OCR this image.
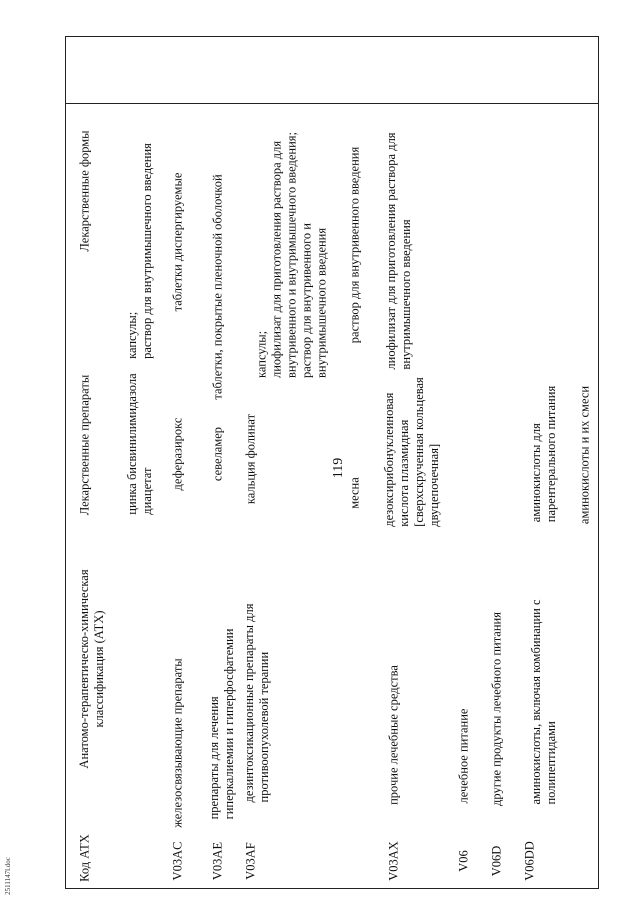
119
Код АТХ
Анатомо-терапевтическо-химическая классификация (АТХ)
Лекарственные препараты
Лекарственные формы
цинка бисвинилимидазола диацетат
капсулы; раствор для внутримышечного введения
V03AC
железосвязывающие препараты
деферазирокс
таблетки диспергируемые
V03AE
препараты для лечения гиперкалиемии и гиперфосфатемии
севеламер
таблетки, покрытые пленочной оболочкой
V03AF
дезинтоксикационные препараты для противоопухолевой терапии
кальция фолинат
капсулы; лиофилизат для приготовления раствора для внутривенного и внутримышечного введения; раствор для внутривенного и внутримышечного введения
месна
раствор для внутривенного введения
V03AX
прочие лечебные средства
дезоксирибонуклеиновая кислота плазмидная [сверхскрученная кольцевая двуцепочечная]
лиофилизат для приготовления раствора для внутримышечного введения
V06
лечебное питание
V06D
другие продукты лечебного питания
V06DD
аминокислоты, включая комбинации с полипептидами
аминокислоты для парентерального питания аминокислоты и их смеси
2511147l.doc
